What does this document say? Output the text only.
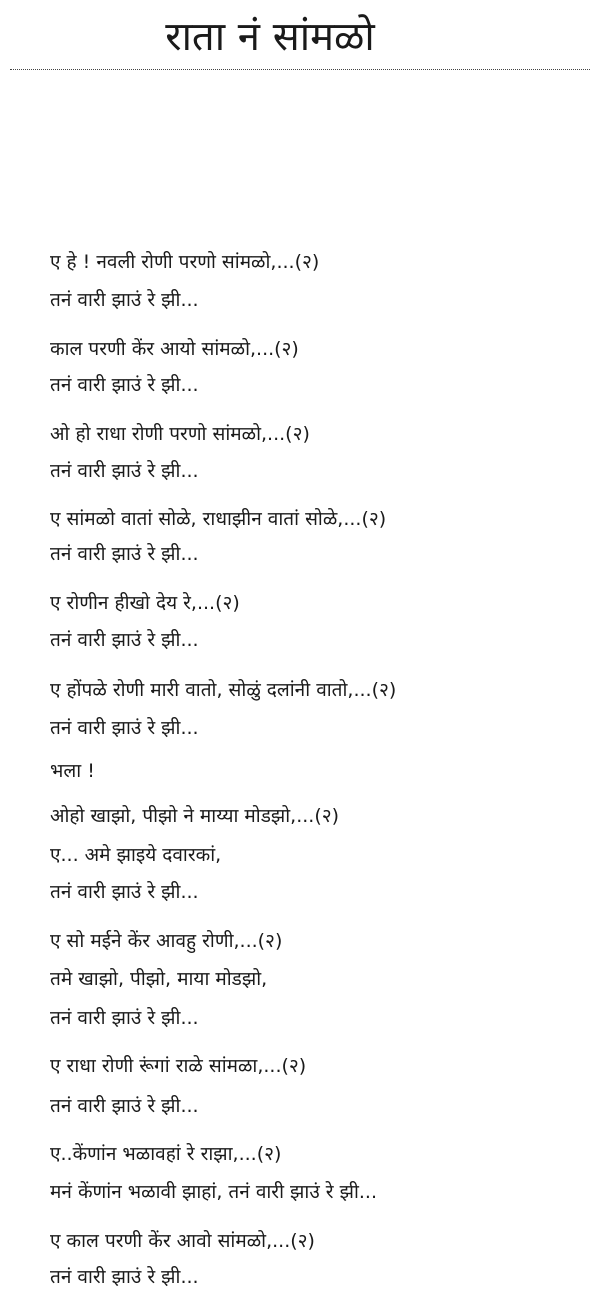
राता नं सांमळो
ए हे ! नवली रोणी परणो सांमळो,...(२)
तनं वारी झाउं रे झी...
काल परणी केंर आयो सांमळो,...(२)
तनं वारी झाउं रे झी...
ओ हो राधा रोणी परणो सांमळो,...(२)
तनं वारी झाउं रे झी...
ए सांमळो वातां सोळे, राधाझीन वातां सोळे,...(२)
तनं वारी झाउं रे झी...
ए रोणीन हीखो देय रे,...(२)
तनं वारी झाउं रे झी...
ए होंपळे रोणी मारी वातो, सोळुं दलांनी वातो,...(२)
तनं वारी झाउं रे झी...
भला !
ओहो खाझो, पीझो ने माय्या मोडझो,...(२)
ए... अमे झाइये दवारकां,
तनं वारी झाउं रे झी...
ए सो मईने केंर आवहु रोणी,...(२)
तमे खाझो, पीझो, माया मोडझो,
तनं वारी झाउं रे झी...
ए राधा रोणी रूंगां राळे सांमळा,...(२)
तनं वारी झाउं रे झी...
ए..केंणांन भळावहां रे राझा,...(२)
मनं केंणांन भळावी झाहां, तनं वारी झाउं रे झी...
ए काल परणी केंर आवो सांमळो,...(२)
तनं वारी झाउं रे झी...
